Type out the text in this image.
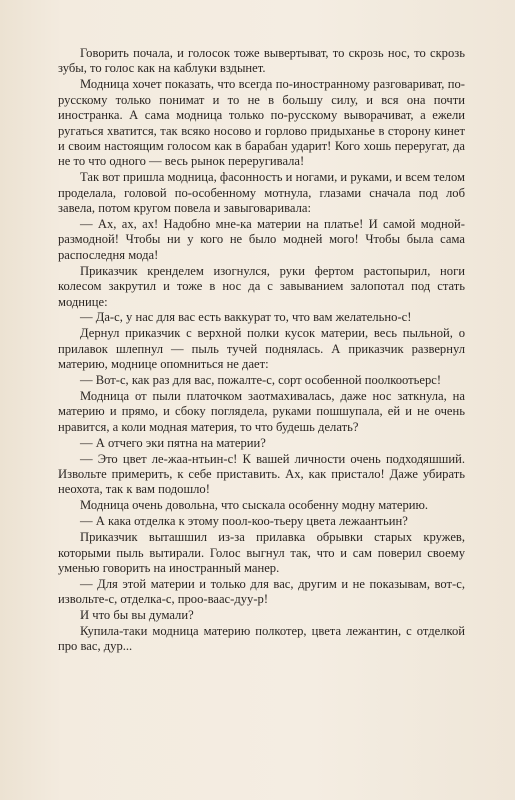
Говорить почала, и голосок тоже вывертыват, то скрозь нос, то скрозь зубы, то голос как на каблуки вздынет.

Модница хочет показать, что всегда по-иностранному разговариват, по-русскому только понимат и то не в большу силу, и вся она почти иностранка. А сама модница только по-русскому выворачиват, а ежели ругаться хватится, так всяко носово и горлово придыханье в сторону кинет и своим настоящим голосом как в барабан ударит! Кого хошь переругат, да не то что одного — весь рынок переругивала!

Так вот пришла модница, фасонность и ногами, и руками, и всем телом проделала, головой по-особенному мотнула, глазами сначала под лоб завела, потом кругом повела и завыговаривала:

— Ах, ах, ах! Надобно мне-ка материи на платье! И самой модной-размодной! Чтобы ни у кого не было модней мого! Чтобы была сама распоследня мода!

Приказчик кренделем изогнулся, руки фертом растопырил, ноги колесом закрутил и тоже в нос да с завыванием залопотал под стать моднице:

— Да-с, у нас для вас есть ваккурат то, что вам желательно-с!

Дернул приказчик с верхной полки кусок материи, весь пыльной, о прилавок шлепнул — пыль тучей поднялась. А приказчик развернул материю, моднице опомниться не дает:

— Вот-с, как раз для вас, пожалте-с, сорт особенной поолкоотьерс!

Модница от пыли платочком заотмахивалась, даже нос заткнула, на материю и прямо, и сбоку поглядела, руками пошшупала, ей и не очень нравится, а коли модная материя, то что будешь делать?

— А отчего эки пятна на материи?

— Это цвет ле-жаа-нтьин-с! К вашей личности очень подходяшший. Извольте примерить, к себе приставить. Ах, как пристало! Даже убирать неохота, так к вам подошло!

Модница очень довольна, что сыскала особенну модну материю.

— А кака отделка к этому поол-коо-тьеру цвета лежаантьин?

Приказчик выташшил из-за прилавка обрывки старых кружев, которыми пыль вытирали. Голос выгнул так, что и сам поверил своему уменью говорить на иностранный манер.

— Для этой материи и только для вас, другим и не показывам, вот-с, извольте-с, отделка-с, проо-ваас-дуу-р!

И что бы вы думали?

Купила-таки модница материю полкотер, цвета лежантин, с отделкой про вас, дур...
